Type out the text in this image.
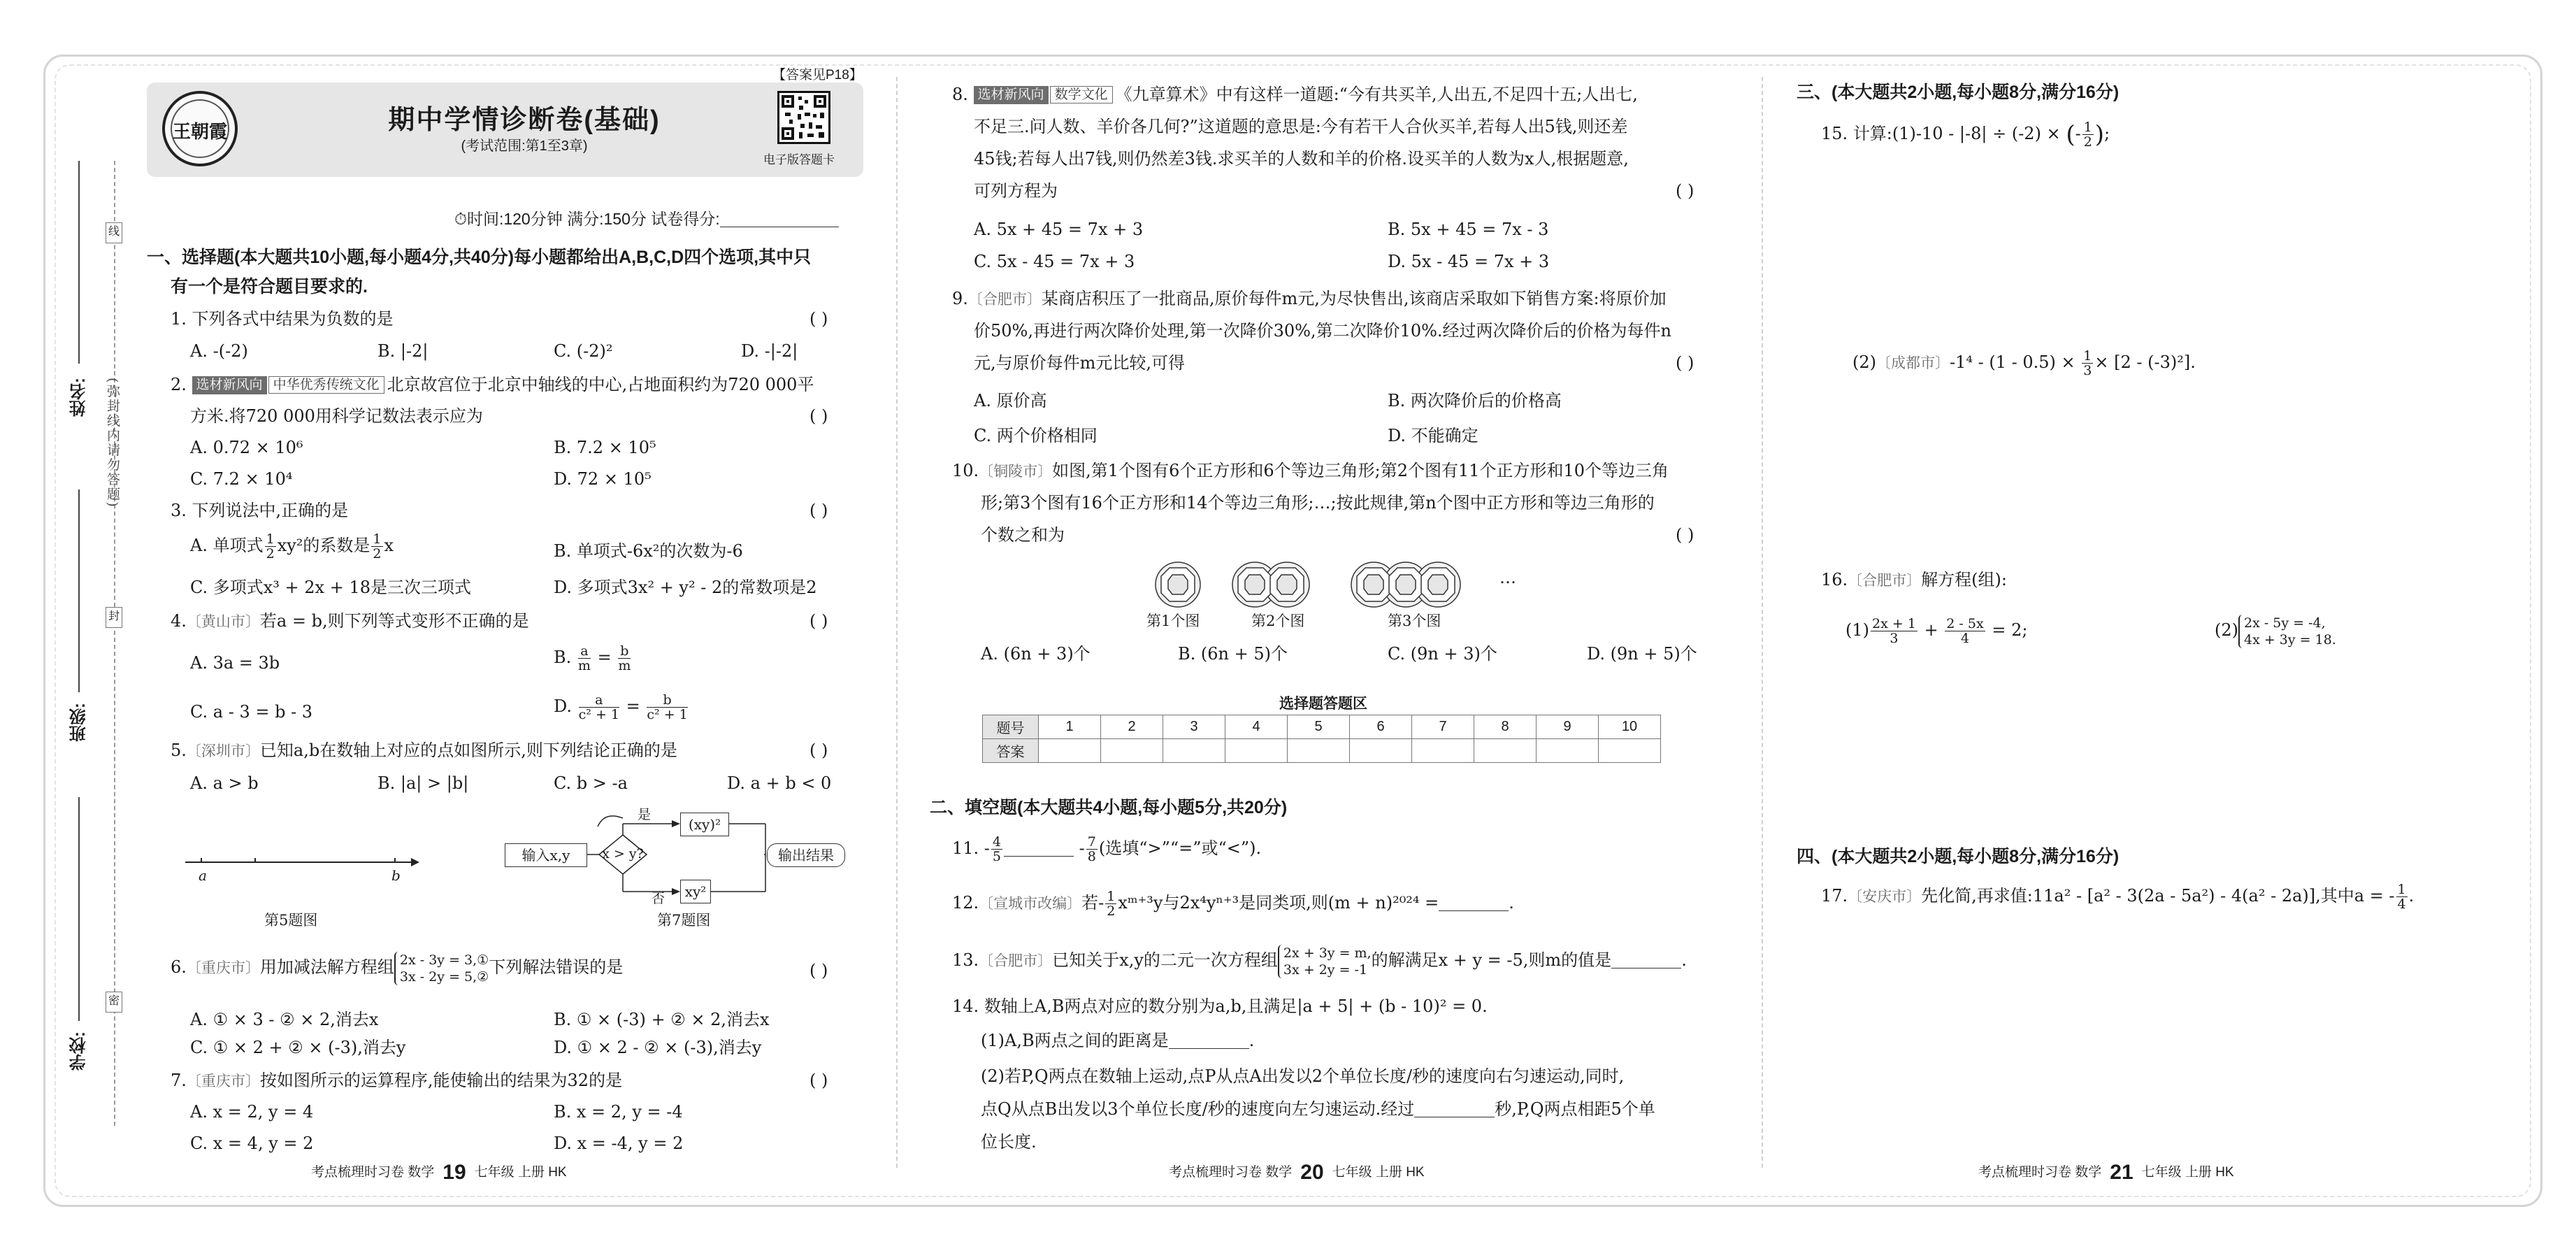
姓名:
班级:
学校:
(弥封线内请勿答题)
线
封
密
【答案见P18】
王朝霞	期中学情诊断卷(基础)
(考试范围:第1至3章)
电子版答题卡
⏱时间:120分钟 满分:150分 试卷得分:
一、选择题(本大题共10小题,每小题4分,共40分)每小题都给出A,B,C,D四个选项,其中只
有一个是符合题目要求的.
1. 下列各式中结果为负数的是	( )
A. -(-2)	B. |-2|	C. (-2)²	D. -|-2|
2. 选材新风向 中华优秀传统文化 北京故宫位于北京中轴线的中心,占地面积约为720 000平
方米.将720 000用科学记数法表示应为	( )
A. 0.72 × 10⁶	B. 7.2 × 10⁵
C. 7.2 × 10⁴	D. 72 × 10⁵
3. 下列说法中,正确的是	( )
A. 单项式 $\frac{1}{2} xy^2$的系数是 $\frac{1}{2}$ x	B. 单项式-6x²的次数为-6
C. 多项式x³ + 2x + 18是三次三项式	D. 多项式3x² + y² - 2的常数项是2
4.〔黄山市〕若a = b,则下列等式变形不正确的是	( )
A. 3a = 3b	B. $\frac{a}{m} = \frac{b}{m}$
C. a - 3 = b - 3	D. $\frac{a}{\text{c² + 1}} = \frac{b}{\text{c² + 1}}$
5.〔深圳市〕已知a,b在数轴上对应的点如图所示,则下列结论正确的是	( )
A. a > b	B. |a| > |b|	C. b > -a	D. a + b < 0
a	b
第5题图
输入x,y	x > y?
是
否
(xy)²
xy²
输出结果
第7题图
6.〔重庆市〕用加减法解方程组 2x - 3y = 3,①
3x - 2y = 5,② 下列解法错误的是	( )
A. ① × 3 - ② × 2,消去x	B. ① × (-3) + ② × 2,消去x
C. ① × 2 + ② × (-3),消去y	D. ① × 2 - ② × (-3),消去y
7.〔重庆市〕按如图所示的运算程序,能使输出的结果为32的是	( )
A. x = 2, y = 4	B. x = 2, y = -4
C. x = 4, y = 2	D. x = -4, y = 2
8. 选材新风向 数学文化 《九章算术》中有这样一道题:“今有共买羊,人出五,不足四十五;人出七,
不足三.问人数、羊价各几何?”这道题的意思是:今有若干人合伙买羊,若每人出5钱,则还差
45钱;若每人出7钱,则仍然差3钱.求买羊的人数和羊的价格.设买羊的人数为x人,根据题意,
可列方程为	( )
A. 5x + 45 = 7x + 3	B. 5x + 45 = 7x - 3
C. 5x - 45 = 7x + 3	D. 5x - 45 = 7x + 3
9.〔合肥市〕某商店积压了一批商品,原价每件m元,为尽快售出,该商店采取如下销售方案:将原价加
价50%,再进行两次降价处理,第一次降价30%,第二次降价10%.经过两次降价后的价格为每件n
元,与原价每件m元比较,可得	( )
A. 原价高	B. 两次降价后的价格高
C. 两个价格相同	D. 不能确定
10.〔铜陵市〕如图,第1个图有6个正方形和6个等边三角形;第2个图有11个正方形和10个等边三角
形;第3个图有16个正方形和14个等边三角形;…;按此规律,第n个图中正方形和等边三角形的
个数之和为	( )
…
第1个图	第2个图	第3个图
A. (6n + 3)个	B. (6n + 5)个	C. (9n + 3)个	D. (9n + 5)个
选择题答题区
题号	1	2	3	4	5	6	7	8	9	10
答案										
二、填空题(本大题共4小题,每小题5分,共20分)
11. - $\frac{4}{5}$	- $\frac{7}{8}$ (选填“>”“=”或“<”).
12.〔宣城市改编〕若- $\frac{1}{2}$ xᵐ⁺³y与2x⁴yⁿ⁺³是同类项,则(m + n)²⁰²⁴ =	.
13.〔合肥市〕已知关于x,y的二元一次方程组 2x + 3y = m,
3x + 2y = -1 的解满足x + y = -5,则m的值是	.
14. 数轴上A,B两点对应的数分别为a,b,且满足|a + 5| + (b - 10)² = 0.
(1)A,B两点之间的距离是	.
(2)若P,Q两点在数轴上运动,点P从点A出发以2个单位长度/秒的速度向右匀速运动,同时,
点Q从点B出发以3个单位长度/秒的速度向左匀速运动.经过	秒,P,Q两点相距5个单
位长度.
三、(本大题共2小题,每小题8分,满分16分)
15. 计算:(1)-10 - |-8| ÷ (-2) × (- $\frac{1}{2}$ );
(2)〔成都市〕$-1^4 - (1 - 0.5) \times \frac{1}{3} \times [2 - (-3)^2]$.
16.〔合肥市〕解方程(组):
$(1) \frac{2x + 1}{3} + \frac{2 - 5x}{4} = 2$;	(2) 2x - 5y = -4,
4x + 3y = 18.
四、(本大题共2小题,每小题8分,满分16分)
17.〔安庆市〕先化简,再求值:11a² - [a² - 3(2a - 5a²) - 4(a² - 2a)],其中a = - $\frac{1}{4}$ .
考点梳理时习卷 数学 19 七年级 上册 HK	考点梳理时习卷 数学 20 七年级 上册 HK	考点梳理时习卷 数学 21 七年级 上册 HK
